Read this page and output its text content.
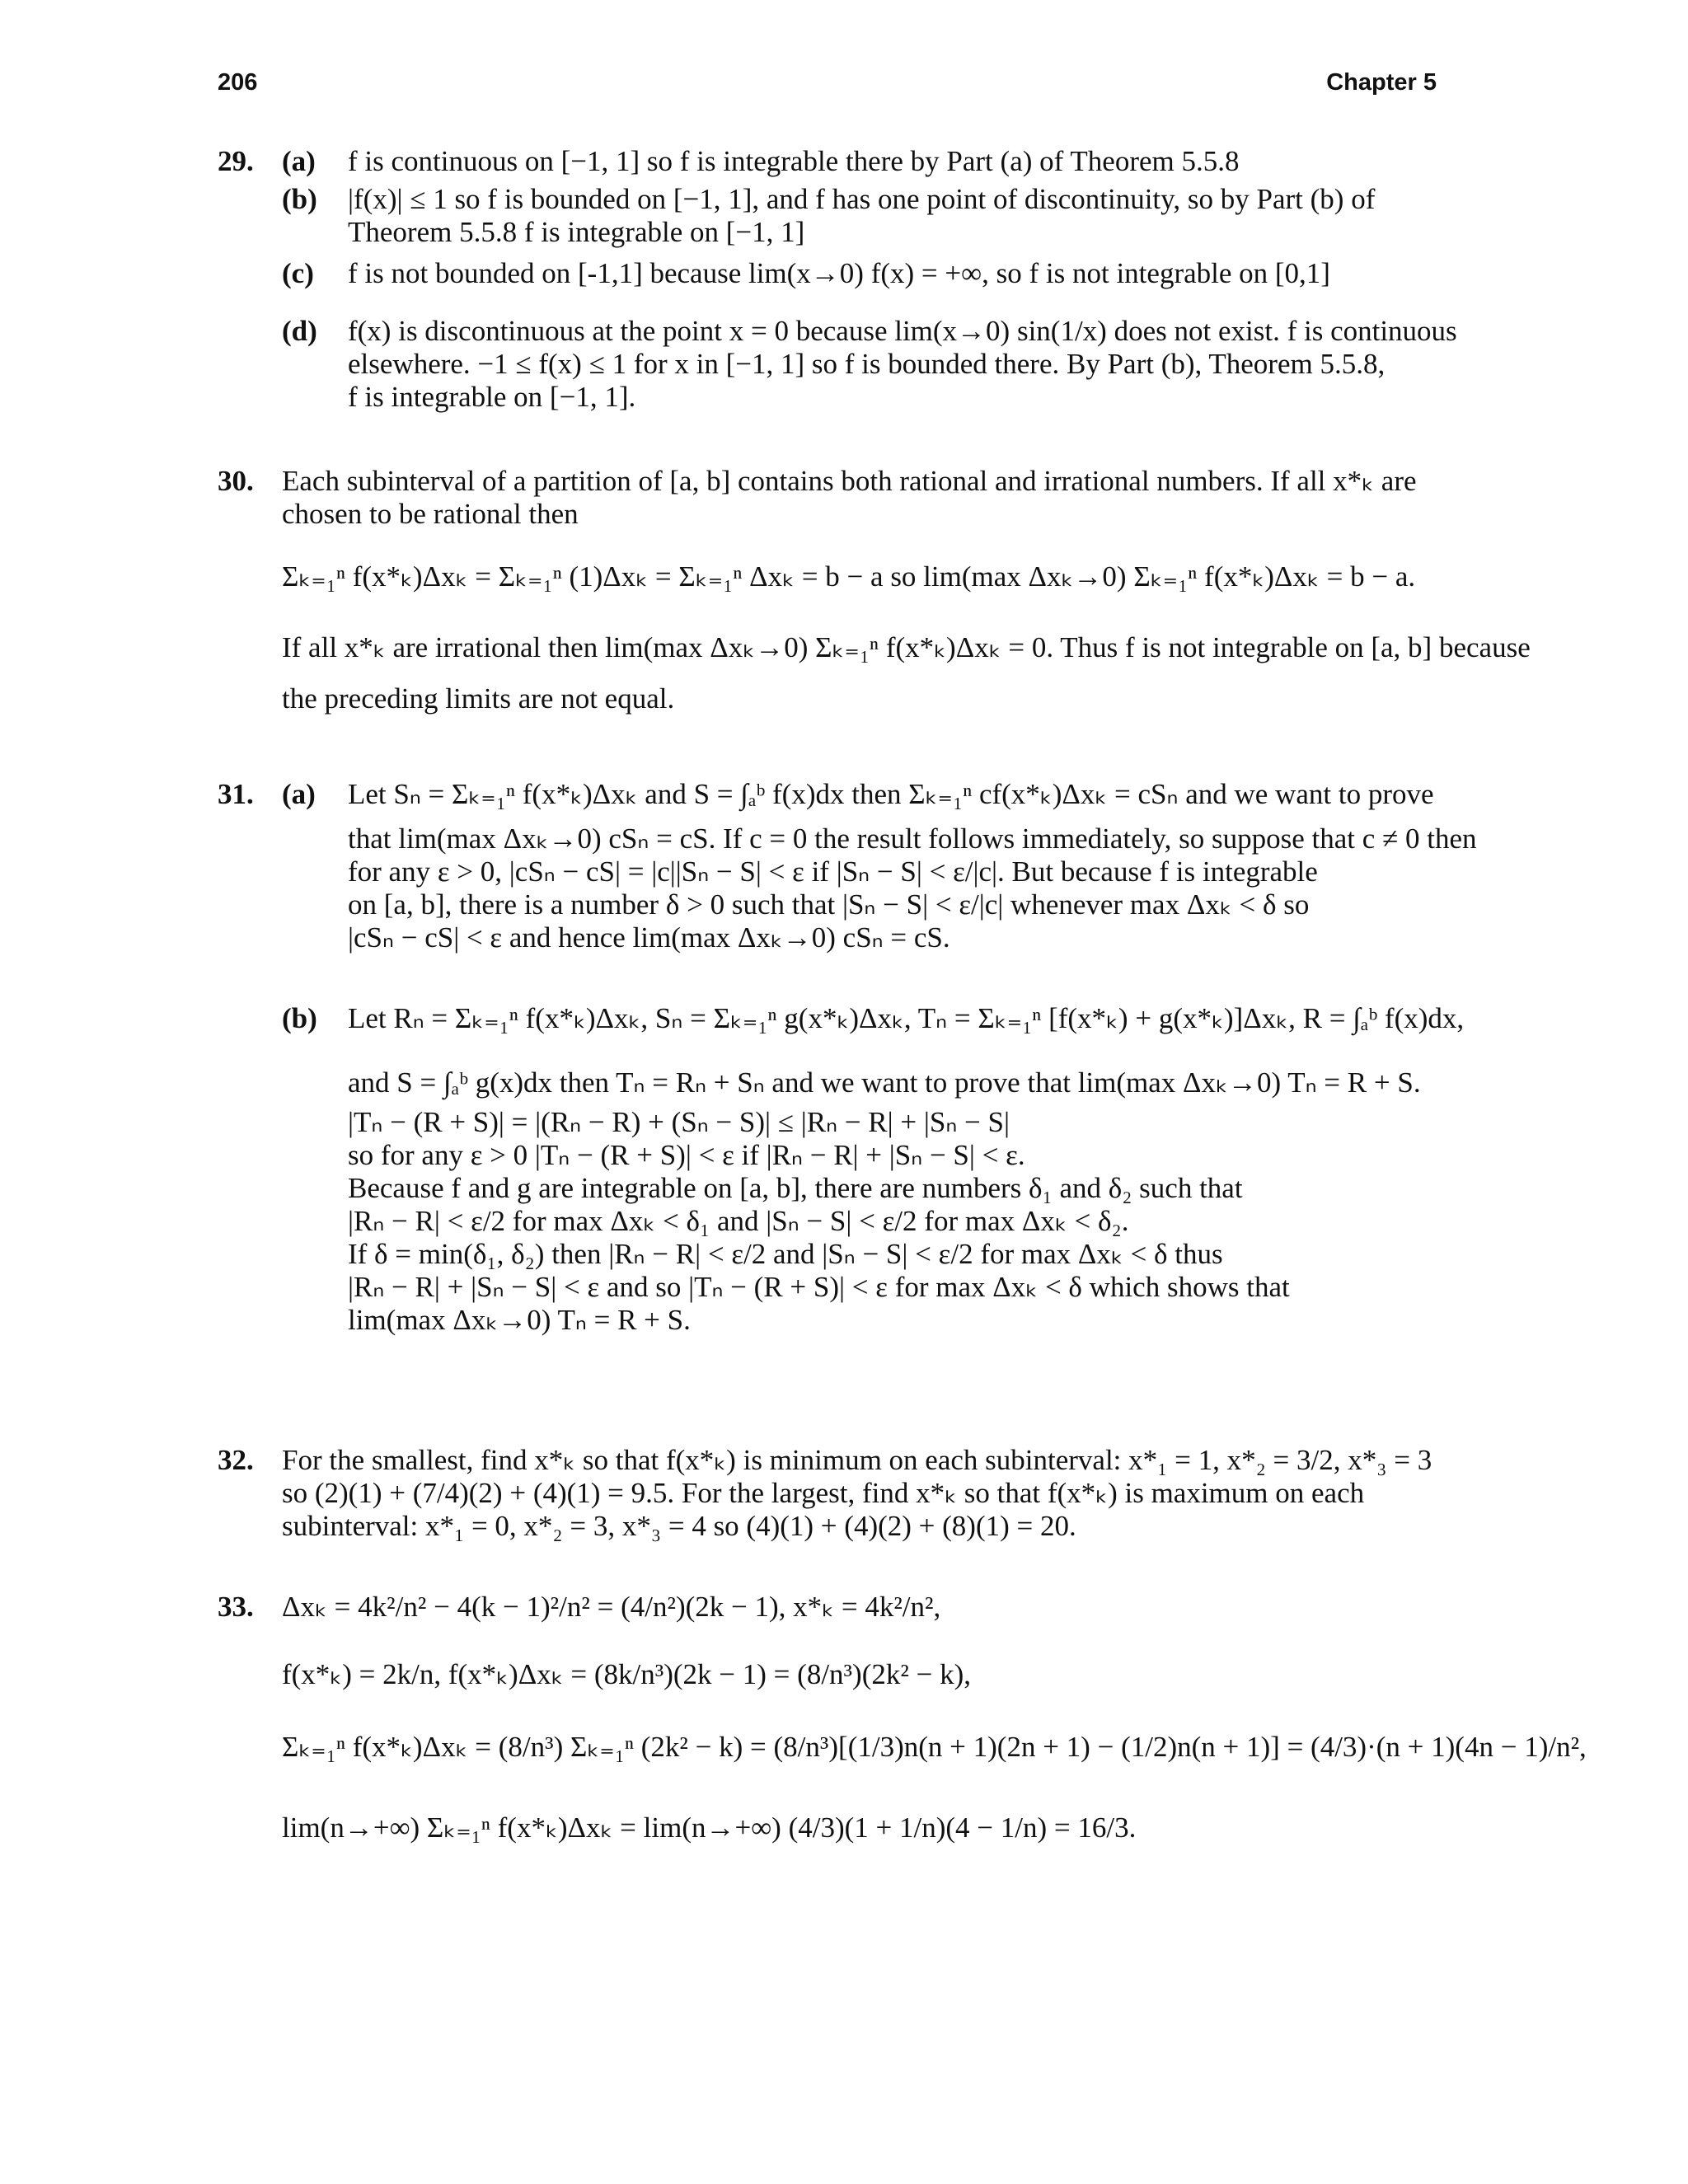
206	Chapter 5
29. (a) f is continuous on [−1, 1] so f is integrable there by Part (a) of Theorem 5.5.8
(b) |f(x)| ≤ 1 so f is bounded on [−1, 1], and f has one point of discontinuity, so by Part (b) of
Theorem 5.5.8 f is integrable on [−1, 1]
(c) f is not bounded on [-1,1] because lim(x→0) f(x) = +∞, so f is not integrable on [0,1]
(d) f(x) is discontinuous at the point x = 0 because lim(x→0) sin(1/x) does not exist. f is continuous
elsewhere. −1 ≤ f(x) ≤ 1 for x in [−1, 1] so f is bounded there. By Part (b), Theorem 5.5.8,
f is integrable on [−1, 1].
30. Each subinterval of a partition of [a, b] contains both rational and irrational numbers. If all x*ₖ are
chosen to be rational then
Σₖ₌₁ⁿ f(x*ₖ)Δxₖ = Σₖ₌₁ⁿ (1)Δxₖ = Σₖ₌₁ⁿ Δxₖ = b − a so lim(max Δxₖ→0) Σₖ₌₁ⁿ f(x*ₖ)Δxₖ = b − a.
If all x*ₖ are irrational then lim(max Δxₖ→0) Σₖ₌₁ⁿ f(x*ₖ)Δxₖ = 0. Thus f is not integrable on [a, b] because
the preceding limits are not equal.
31. (a) Let Sₙ = Σₖ₌₁ⁿ f(x*ₖ)Δxₖ and S = ∫ₐᵇ f(x)dx then Σₖ₌₁ⁿ cf(x*ₖ)Δxₖ = cSₙ and we want to prove
that lim(max Δxₖ→0) cSₙ = cS. If c = 0 the result follows immediately, so suppose that c ≠ 0 then
for any ε > 0, |cSₙ − cS| = |c||Sₙ − S| < ε if |Sₙ − S| < ε/|c|. But because f is integrable
on [a, b], there is a number δ > 0 such that |Sₙ − S| < ε/|c| whenever max Δxₖ < δ so
|cSₙ − cS| < ε and hence lim(max Δxₖ→0) cSₙ = cS.
(b) Let Rₙ = Σₖ₌₁ⁿ f(x*ₖ)Δxₖ, Sₙ = Σₖ₌₁ⁿ g(x*ₖ)Δxₖ, Tₙ = Σₖ₌₁ⁿ [f(x*ₖ) + g(x*ₖ)]Δxₖ, R = ∫ₐᵇ f(x)dx,
and S = ∫ₐᵇ g(x)dx then Tₙ = Rₙ + Sₙ and we want to prove that lim(max Δxₖ→0) Tₙ = R + S.
|Tₙ − (R + S)| = |(Rₙ − R) + (Sₙ − S)| ≤ |Rₙ − R| + |Sₙ − S|
so for any ε > 0 |Tₙ − (R + S)| < ε if |Rₙ − R| + |Sₙ − S| < ε.
Because f and g are integrable on [a, b], there are numbers δ₁ and δ₂ such that
|Rₙ − R| < ε/2 for max Δxₖ < δ₁ and |Sₙ − S| < ε/2 for max Δxₖ < δ₂.
If δ = min(δ₁, δ₂) then |Rₙ − R| < ε/2 and |Sₙ − S| < ε/2 for max Δxₖ < δ thus
|Rₙ − R| + |Sₙ − S| < ε and so |Tₙ − (R + S)| < ε for max Δxₖ < δ which shows that
lim(max Δxₖ→0) Tₙ = R + S.
32. For the smallest, find x*ₖ so that f(x*ₖ) is minimum on each subinterval: x*₁ = 1, x*₂ = 3/2, x*₃ = 3
so (2)(1) + (7/4)(2) + (4)(1) = 9.5. For the largest, find x*ₖ so that f(x*ₖ) is maximum on each
subinterval: x*₁ = 0, x*₂ = 3, x*₃ = 4 so (4)(1) + (4)(2) + (8)(1) = 20.
33. Δxₖ = 4k²/n² − 4(k − 1)²/n² = (4/n²)(2k − 1), x*ₖ = 4k²/n²,
f(x*ₖ) = 2k/n, f(x*ₖ)Δxₖ = (8k/n³)(2k − 1) = (8/n³)(2k² − k),
Σₖ₌₁ⁿ f(x*ₖ)Δxₖ = (8/n³) Σₖ₌₁ⁿ (2k² − k) = (8/n³)[(1/3)n(n + 1)(2n + 1) − (1/2)n(n + 1)] = (4/3)·(n + 1)(4n − 1)/n²,
lim(n→+∞) Σₖ₌₁ⁿ f(x*ₖ)Δxₖ = lim(n→+∞) (4/3)(1 + 1/n)(4 − 1/n) = 16/3.
